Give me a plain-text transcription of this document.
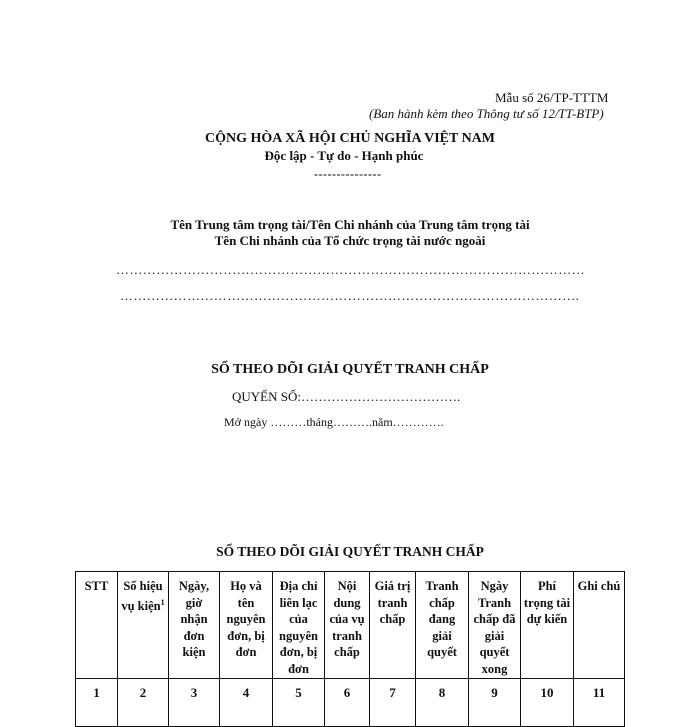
Mẫu số 26/TP-TTTM
(Ban hành kèm theo Thông tư số 12/TT-BTP)
CỘNG HÒA XÃ HỘI CHỦ NGHĨA VIỆT NAM
Độc lập - Tự do - Hạnh phúc
---------------
Tên Trung tâm trọng tài/Tên Chi nhánh của Trung tâm trọng tài
Tên Chi nhánh của Tổ chức trọng tài nước ngoài
……………………………………………………………………………………………
………………………………………………………………………………………….
SỔ THEO DÕI GIẢI QUYẾT TRANH CHẤP
QUYỂN SỐ:……………………………….
Mở ngày ………tháng……….năm………….
SỔ THEO DÕI GIẢI QUYẾT TRANH CHẤP
STT	Số hiệu vụ kiện$^1$	Ngày, giờ nhận đơn kiện	Họ và tên nguyên đơn, bị đơn	Địa chỉ liên lạc của nguyên đơn, bị đơn	Nội dung của vụ tranh chấp	Giá trị tranh chấp	Tranh chấp đang giải quyết	Ngày Tranh chấp đã giải quyết xong	Phí trọng tài dự kiến	Ghi chú
1	2	3	4	5	6	7	8	9	10	11
